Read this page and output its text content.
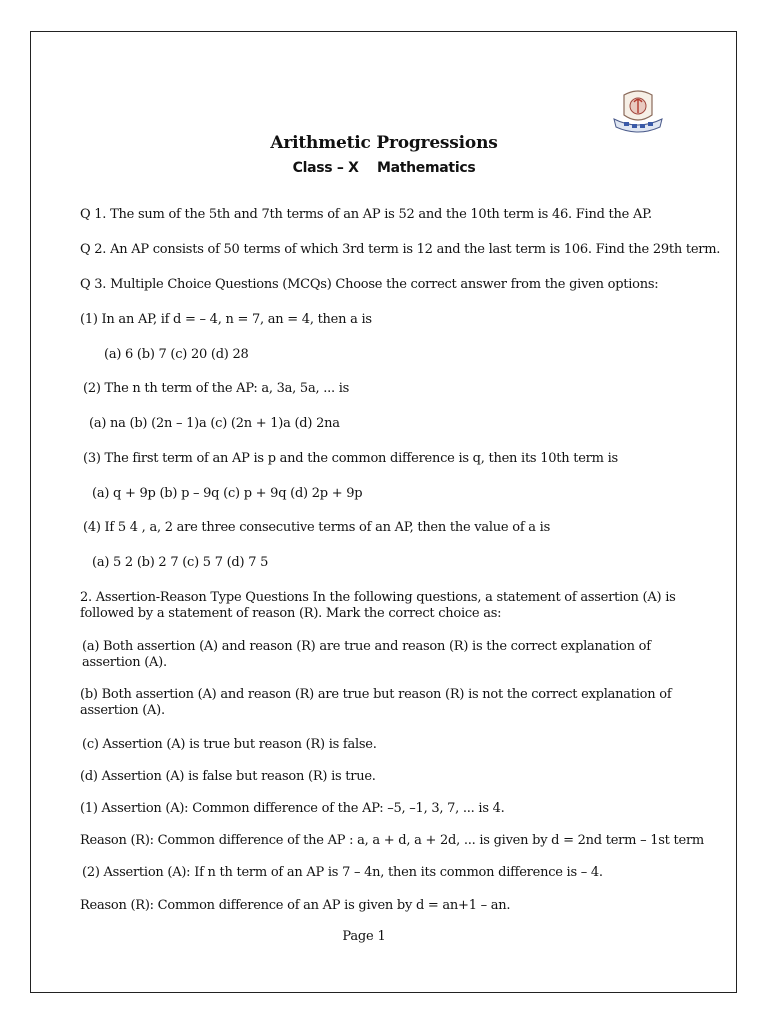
Arithmetic Progressions
Class – X    Mathematics

Q 1. The sum of the 5th and 7th terms of an AP is 52 and the 10th term is 46. Find the AP.

Q 2. An AP consists of 50 terms of which 3rd term is 12 and the last term is 106. Find the 29th term.

Q 3. Multiple Choice Questions (MCQs) Choose the correct answer from the given options:

(1) In an AP, if d = – 4, n = 7, an = 4, then a is

(a) 6 (b) 7 (c) 20 (d) 28

(2) The n th term of the AP: a, 3a, 5a, ... is

(a) na (b) (2n – 1)a (c) (2n + 1)a (d) 2na

(3) The first term of an AP is p and the common difference is q, then its 10th term is

(a) q + 9p (b) p – 9q (c) p + 9q (d) 2p + 9p

(4) If 5 4 , a, 2 are three consecutive terms of an AP, then the value of a is

(a) 5 2 (b) 2 7 (c) 5 7 (d) 7 5

2. Assertion-Reason Type Questions In the following questions, a statement of assertion (A) is followed by a statement of reason (R). Mark the correct choice as:

(a) Both assertion (A) and reason (R) are true and reason (R) is the correct explanation of assertion (A).

(b) Both assertion (A) and reason (R) are true but reason (R) is not the correct explanation of assertion (A).

(c) Assertion (A) is true but reason (R) is false.

(d) Assertion (A) is false but reason (R) is true.

(1) Assertion (A): Common difference of the AP: –5, –1, 3, 7, ... is 4.

Reason (R): Common difference of the AP : a, a + d, a + 2d, ... is given by d = 2nd term – 1st term

(2) Assertion (A): If n th term of an AP is 7 – 4n, then its common difference is – 4.

Reason (R): Common difference of an AP is given by d = an+1 – an.

Page 1
